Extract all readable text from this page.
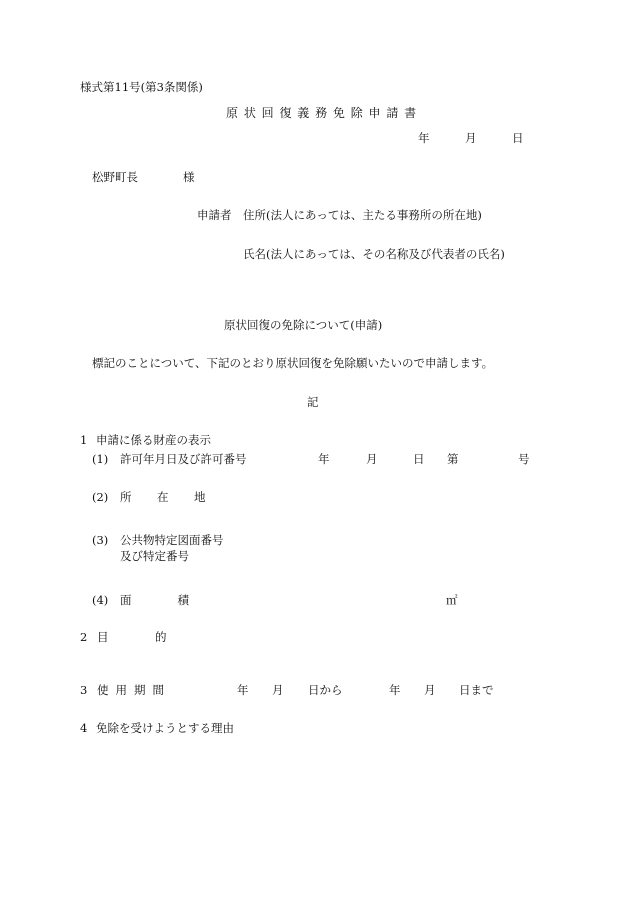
様式第11号(第3条関係)
原 状 回 復 義 務 免 除 申 請 書
年	月	日
松野町長	様
申請者 住所(法人にあっては、主たる事務所の所在地)
氏名(法人にあっては、その名称及び代表者の氏名)
原状回復の免除について(申請)
標記のことについて、下記のとおり原状回復を免除願いたいので申請します。
記
1 申請に係る財産の表示
(1) 許可年月日及び許可番号	年	月	日 第	号
(2) 所　在　地
(3) 公共物特定図面番号
及び特定番号
(4) 面　　　　積	㎡
2 目	的
3 使用期間	年 月 日から	年 月 日まで
4 免除を受けようとする理由
